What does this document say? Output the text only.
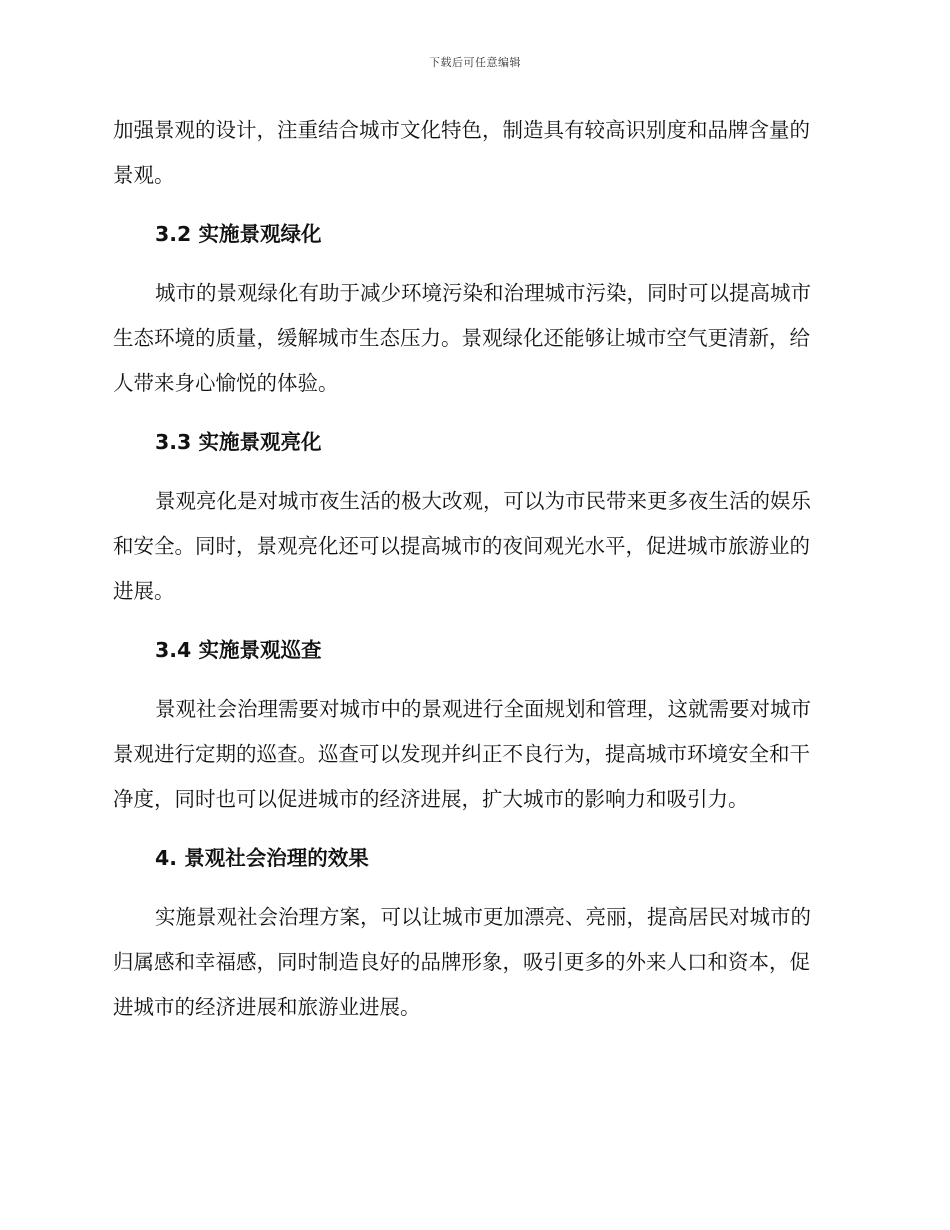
下载后可任意编辑

加强景观的设计，注重结合城市文化特色，制造具有较高识别度和品牌含量的景观。

3.2 实施景观绿化

城市的景观绿化有助于减少环境污染和治理城市污染，同时可以提高城市生态环境的质量，缓解城市生态压力。景观绿化还能够让城市空气更清新，给人带来身心愉悦的体验。

3.3 实施景观亮化

景观亮化是对城市夜生活的极大改观，可以为市民带来更多夜生活的娱乐和安全。同时，景观亮化还可以提高城市的夜间观光水平，促进城市旅游业的进展。

3.4 实施景观巡查

景观社会治理需要对城市中的景观进行全面规划和管理，这就需要对城市景观进行定期的巡查。巡查可以发现并纠正不良行为，提高城市环境安全和干净度，同时也可以促进城市的经济进展，扩大城市的影响力和吸引力。

4. 景观社会治理的效果

实施景观社会治理方案，可以让城市更加漂亮、亮丽，提高居民对城市的归属感和幸福感，同时制造良好的品牌形象，吸引更多的外来人口和资本，促进城市的经济进展和旅游业进展。
